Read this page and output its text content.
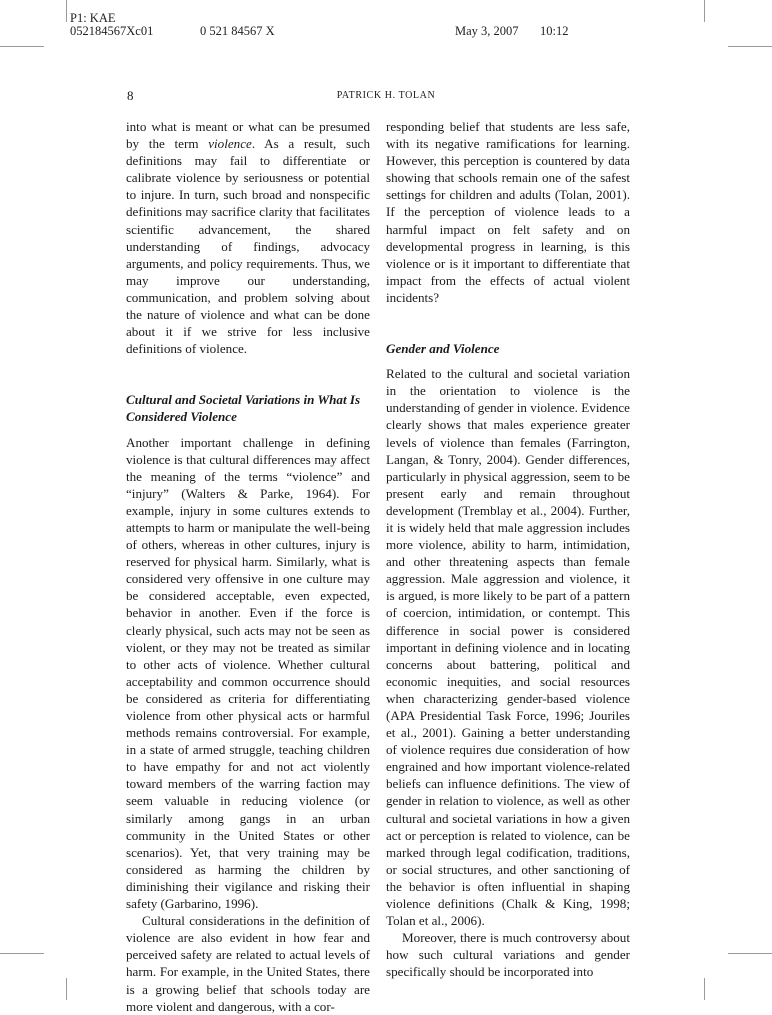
P1: KAE
052184567Xc01	0 521 84567 X	May 3, 2007 10:12
8	PATRICK H. TOLAN

into what is meant or what can be presumed by the term violence. As a result, such definitions may fail to differentiate or calibrate violence by seriousness or potential to injure. In turn, such broad and nonspecific definitions may sacrifice clarity that facilitates scientific advancement, the shared understanding of findings, advocacy arguments, and policy requirements. Thus, we may improve our understanding, communication, and problem solving about the nature of violence and what can be done about it if we strive for less inclusive definitions of violence.

Cultural and Societal Variations in What Is Considered Violence

Another important challenge in defining violence is that cultural differences may affect the meaning of the terms “violence” and “injury” (Walters & Parke, 1964). For example, injury in some cultures extends to attempts to harm or manipulate the well-being of others, whereas in other cultures, injury is reserved for physical harm. Similarly, what is considered very offensive in one culture may be considered acceptable, even expected, behavior in another. Even if the force is clearly physical, such acts may not be seen as violent, or they may not be treated as similar to other acts of violence. Whether cultural acceptability and common occurrence should be considered as criteria for differentiating violence from other physical acts or harmful methods remains controversial. For example, in a state of armed struggle, teaching children to have empathy for and not act violently toward members of the warring faction may seem valuable in reducing violence (or similarly among gangs in an urban community in the United States or other scenarios). Yet, that very training may be considered as harming the children by diminishing their vigilance and risking their safety (Garbarino, 1996).

Cultural considerations in the definition of violence are also evident in how fear and perceived safety are related to actual levels of harm. For example, in the United States, there is a growing belief that schools today are more violent and dangerous, with a cor-

responding belief that students are less safe, with its negative ramifications for learning. However, this perception is countered by data showing that schools remain one of the safest settings for children and adults (Tolan, 2001). If the perception of violence leads to a harmful impact on felt safety and on developmental progress in learning, is this violence or is it important to differentiate that impact from the effects of actual violent incidents?

Gender and Violence

Related to the cultural and societal variation in the orientation to violence is the understanding of gender in violence. Evidence clearly shows that males experience greater levels of violence than females (Farrington, Langan, & Tonry, 2004). Gender differences, particularly in physical aggression, seem to be present early and remain throughout development (Tremblay et al., 2004). Further, it is widely held that male aggression includes more violence, ability to harm, intimidation, and other threatening aspects than female aggression. Male aggression and violence, it is argued, is more likely to be part of a pattern of coercion, intimidation, or contempt. This difference in social power is considered important in defining violence and in locating concerns about battering, political and economic inequities, and social resources when characterizing gender-based violence (APA Presidential Task Force, 1996; Jouriles et al., 2001). Gaining a better understanding of violence requires due consideration of how engrained and how important violence-related beliefs can influence definitions. The view of gender in relation to violence, as well as other cultural and societal variations in how a given act or perception is related to violence, can be marked through legal codification, traditions, or social structures, and other sanctioning of the behavior is often influential in shaping violence definitions (Chalk & King, 1998; Tolan et al., 2006).

Moreover, there is much controversy about how such cultural variations and gender specifically should be incorporated into
